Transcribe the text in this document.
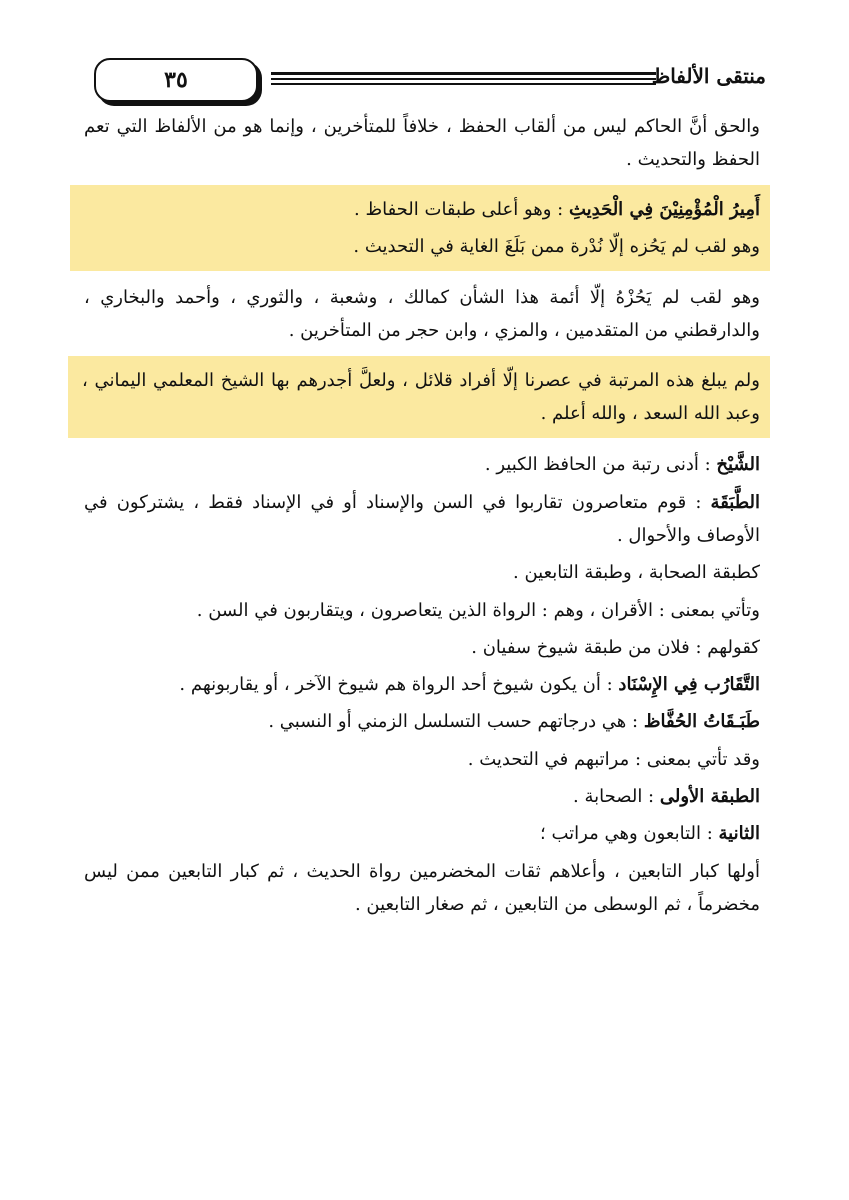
٣٥	منتقى الألفاظ

والحق أنَّ الحاكم ليس من ألقاب الحفظ ، خلافاً للمتأخرين ، وإنما هو من الألفاظ التي تعم الحفظ والتحديث .

أَمِيرُ الْمُؤْمِنِيْنَ فِي الْحَدِيثِ : وهو أعلى طبقات الحفاظ .

وهو لقب لم يَحُزه إلّا نُدْرة ممن بَلَغَ الغاية في التحديث .

وهو لقب لم يَحُزْهُ إلّا أئمة هذا الشأن كمالك ، وشعبة ، والثوري ، وأحمد والبخاري ، والدارقطني من المتقدمين ، والمزي ، وابن حجر من المتأخرين .

ولم يبلغ هذه المرتبة في عصرنا إلّا أفراد قلائل ، ولعلَّ أجدرهم بها الشيخ المعلمي اليماني ، وعبد الله السعد ، والله أعلم .

الشَّيْخ : أدنى رتبة من الحافظ الكبير .

الطَّبَقَة : قوم متعاصرون تقاربوا في السن والإسناد أو في الإسناد فقط ، يشتركون في الأوصاف والأحوال .

كطبقة الصحابة ، وطبقة التابعين .

وتأتي بمعنى : الأقران ، وهم : الرواة الذين يتعاصرون ، ويتقاربون في السن .

كقولهم : فلان من طبقة شيوخ سفيان .

التَّقَارُب فِي الإِسْنَاد : أن يكون شيوخ أحد الرواة هم شيوخ الآخر ، أو يقاربونهم .

طَبَـقَاتُ الحُفَّاظ : هي درجاتهم حسب التسلسل الزمني أو النسبي .

وقد تأتي بمعنى : مراتبهم في التحديث .

الطبقة الأولى : الصحابة .

الثانية : التابعون وهي مراتب ؛

أولها كبار التابعين ، وأعلاهم ثقات المخضرمين رواة الحديث ، ثم كبار التابعين ممن ليس مخضرماً ، ثم الوسطى من التابعين ، ثم صغار التابعين .
